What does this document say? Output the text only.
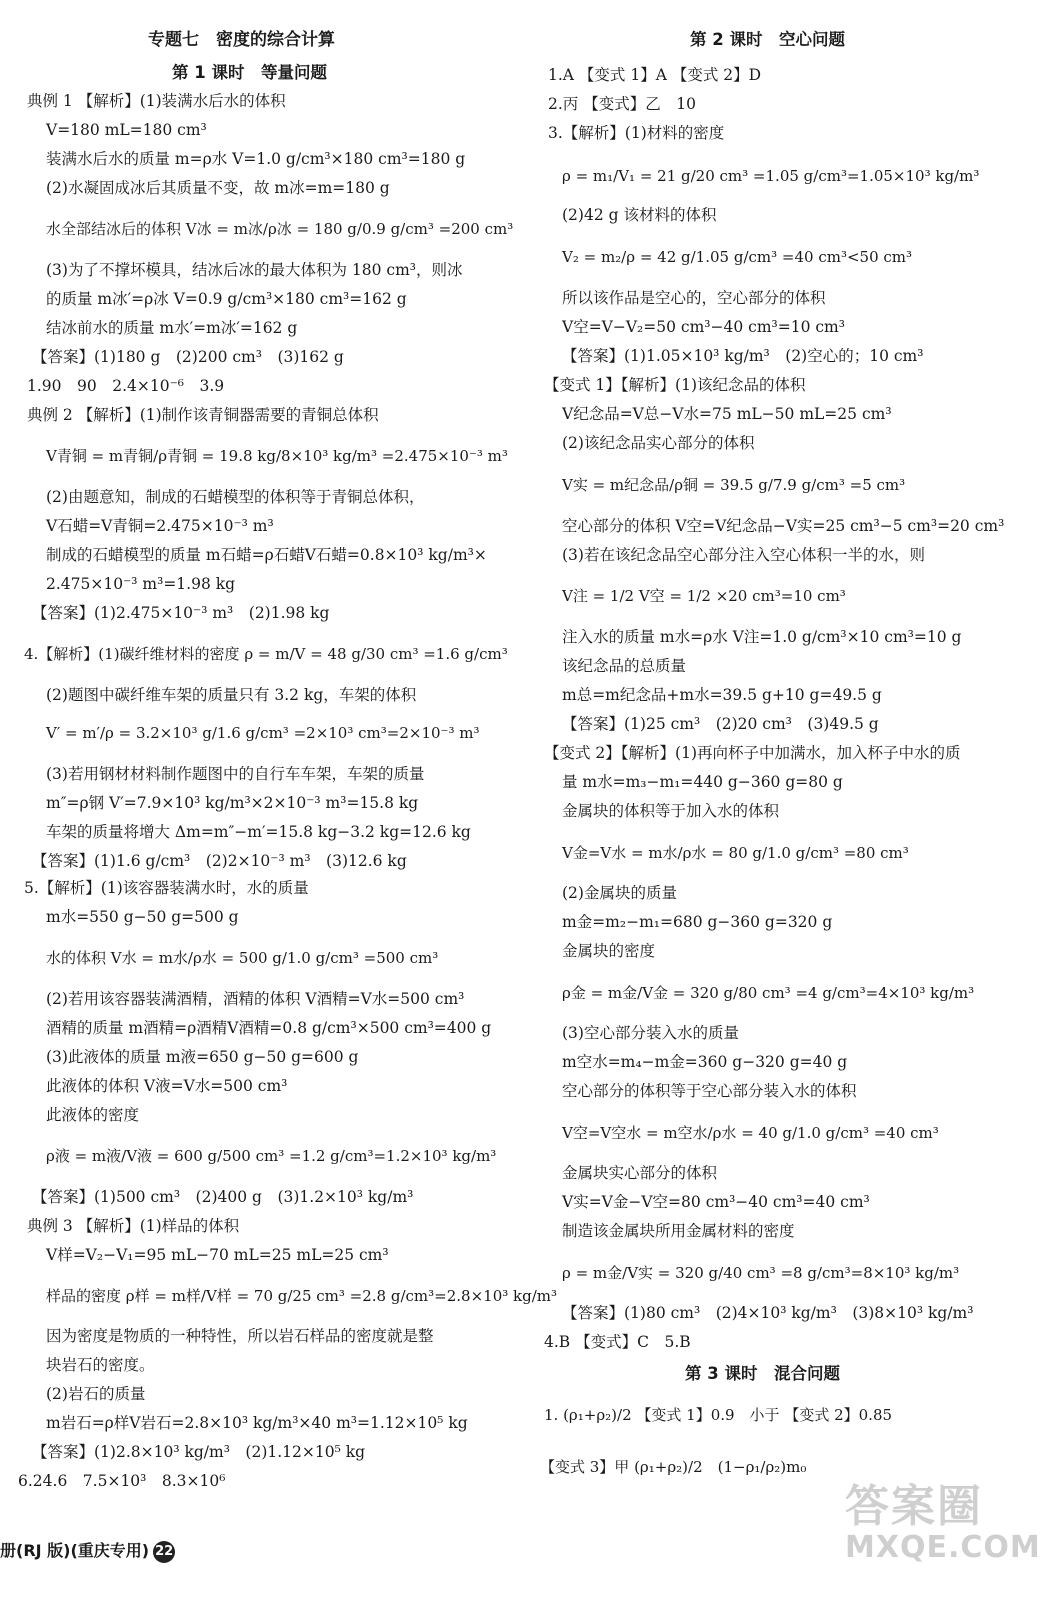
专题七　密度的综合计算
第 1 课时　等量问题
典例 1 【解析】(1)装满水后水的体积
V=180 mL=180 cm³
装满水后水的质量 m=ρ水 V=1.0 g/cm³×180 cm³=180 g
(2)水凝固成冰后其质量不变，故 m冰=m=180 g
水全部结冰后的体积 V冰 = m冰/ρ冰 = 180 g/0.9 g/cm³ =200 cm³
(3)为了不撑坏模具，结冰后冰的最大体积为 180 cm³，则冰
的质量 m冰′=ρ冰 V=0.9 g/cm³×180 cm³=162 g
结冰前水的质量 m水′=m冰′=162 g
【答案】(1)180 g　(2)200 cm³　(3)162 g
1.90　90　2.4×10⁻⁶　3.9
典例 2 【解析】(1)制作该青铜器需要的青铜总体积
V青铜 = m青铜/ρ青铜 = 19.8 kg/8×10³ kg/m³ =2.475×10⁻³ m³
(2)由题意知，制成的石蜡模型的体积等于青铜总体积，
V石蜡=V青铜=2.475×10⁻³ m³
制成的石蜡模型的质量 m石蜡=ρ石蜡V石蜡=0.8×10³ kg/m³×
2.475×10⁻³ m³=1.98 kg
【答案】(1)2.475×10⁻³ m³　(2)1.98 kg
4.【解析】(1)碳纤维材料的密度 ρ = m/V = 48 g/30 cm³ =1.6 g/cm³
(2)题图中碳纤维车架的质量只有 3.2 kg，车架的体积
V′ = m′/ρ = 3.2×10³ g/1.6 g/cm³ =2×10³ cm³=2×10⁻³ m³
(3)若用钢材材料制作题图中的自行车车架，车架的质量
m″=ρ钢 V′=7.9×10³ kg/m³×2×10⁻³ m³=15.8 kg
车架的质量将增大 Δm=m″−m′=15.8 kg−3.2 kg=12.6 kg
【答案】(1)1.6 g/cm³　(2)2×10⁻³ m³　(3)12.6 kg
5.【解析】(1)该容器装满水时，水的质量
m水=550 g−50 g=500 g
水的体积 V水 = m水/ρ水 = 500 g/1.0 g/cm³ =500 cm³
(2)若用该容器装满酒精，酒精的体积 V酒精=V水=500 cm³
酒精的质量 m酒精=ρ酒精V酒精=0.8 g/cm³×500 cm³=400 g
(3)此液体的质量 m液=650 g−50 g=600 g
此液体的体积 V液=V水=500 cm³
此液体的密度
ρ液 = m液/V液 = 600 g/500 cm³ =1.2 g/cm³=1.2×10³ kg/m³
【答案】(1)500 cm³　(2)400 g　(3)1.2×10³ kg/m³
典例 3 【解析】(1)样品的体积
V样=V₂−V₁=95 mL−70 mL=25 mL=25 cm³
样品的密度 ρ样 = m样/V样 = 70 g/25 cm³ =2.8 g/cm³=2.8×10³ kg/m³
因为密度是物质的一种特性，所以岩石样品的密度就是整
块岩石的密度。
(2)岩石的质量
m岩石=ρ样V岩石=2.8×10³ kg/m³×40 m³=1.12×10⁵ kg
【答案】(1)2.8×10³ kg/m³　(2)1.12×10⁵ kg
6.24.6　7.5×10³　8.3×10⁶
第 2 课时　空心问题
1.A 【变式 1】A 【变式 2】D
2.丙 【变式】乙　10
3.【解析】(1)材料的密度
ρ = m₁/V₁ = 21 g/20 cm³ =1.05 g/cm³=1.05×10³ kg/m³
(2)42 g 该材料的体积
V₂ = m₂/ρ = 42 g/1.05 g/cm³ =40 cm³<50 cm³
所以该作品是空心的，空心部分的体积
V空=V−V₂=50 cm³−40 cm³=10 cm³
【答案】(1)1.05×10³ kg/m³　(2)空心的；10 cm³
【变式 1】【解析】(1)该纪念品的体积
V纪念品=V总−V水=75 mL−50 mL=25 cm³
(2)该纪念品实心部分的体积
V实 = m纪念品/ρ铜 = 39.5 g/7.9 g/cm³ =5 cm³
空心部分的体积 V空=V纪念品−V实=25 cm³−5 cm³=20 cm³
(3)若在该纪念品空心部分注入空心体积一半的水，则
V注 = 1/2 V空 = 1/2 ×20 cm³=10 cm³
注入水的质量 m水=ρ水 V注=1.0 g/cm³×10 cm³=10 g
该纪念品的总质量
m总=m纪念品+m水=39.5 g+10 g=49.5 g
【答案】(1)25 cm³　(2)20 cm³　(3)49.5 g
【变式 2】【解析】(1)再向杯子中加满水，加入杯子中水的质
量 m水=m₃−m₁=440 g−360 g=80 g
金属块的体积等于加入水的体积
V金=V水 = m水/ρ水 = 80 g/1.0 g/cm³ =80 cm³
(2)金属块的质量
m金=m₂−m₁=680 g−360 g=320 g
金属块的密度
ρ金 = m金/V金 = 320 g/80 cm³ =4 g/cm³=4×10³ kg/m³
(3)空心部分装入水的质量
m空水=m₄−m金=360 g−320 g=40 g
空心部分的体积等于空心部分装入水的体积
V空=V空水 = m空水/ρ水 = 40 g/1.0 g/cm³ =40 cm³
金属块实心部分的体积
V实=V金−V空=80 cm³−40 cm³=40 cm³
制造该金属块所用金属材料的密度
ρ = m金/V实 = 320 g/40 cm³ =8 g/cm³=8×10³ kg/m³
【答案】(1)80 cm³　(2)4×10³ kg/m³　(3)8×10³ kg/m³
4.B 【变式】C　5.B
第 3 课时　混合问题
1. (ρ₁+ρ₂)/2 【变式 1】0.9　小于 【变式 2】0.85
【变式 3】甲 (ρ₁+ρ₂)/2　(1−ρ₁/ρ₂)m₀
册(RJ 版)(重庆专用) 22
答案圈
MXQE.COM
